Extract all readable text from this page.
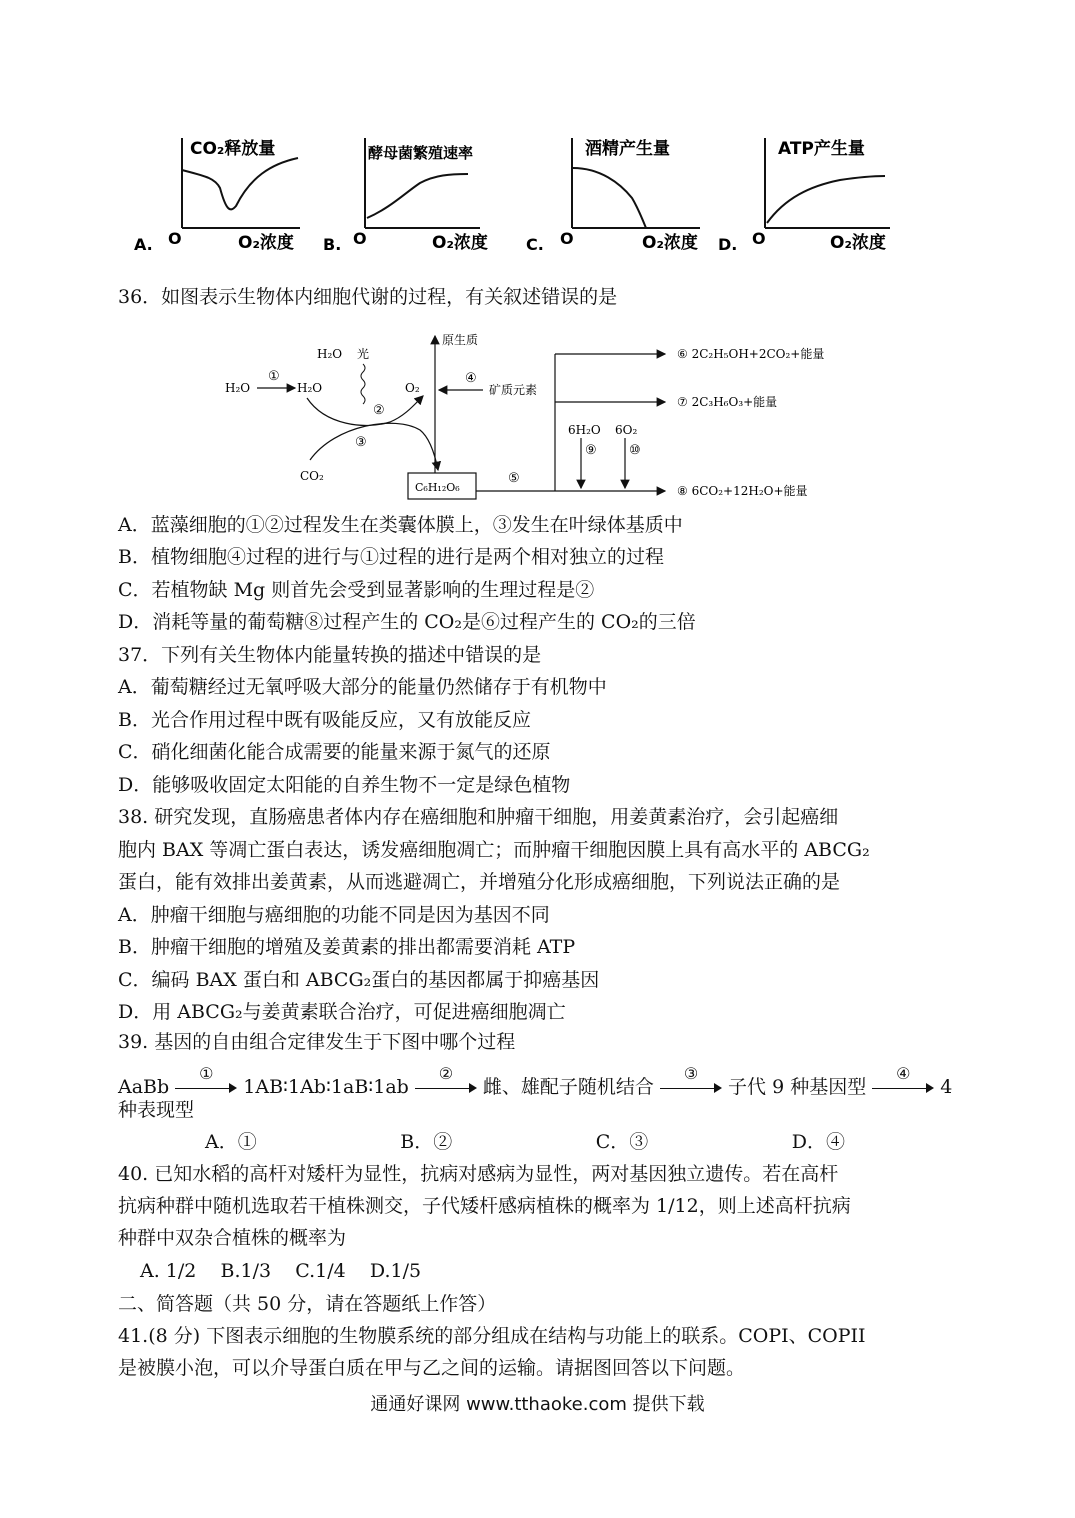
A. O
CO₂释放量
O₂浓度 B. O
酵母菌繁殖速率
O₂浓度 C. O
酒精产生量
O₂浓度 D. O
ATP产生量
O₂浓度
36．如图表示生物体内细胞代谢的过程，有关叙述错误的是
H₂O
①
H₂O
H₂O 光
O₂
②
③
CO₂
C₆H₁₂O₆
原生质
④
矿质元素
⑤
6H₂O 6O₂
⑨ ⑩
⑥ 2C₂H₅OH+2CO₂+能量
⑦ 2C₃H₆O₃+能量
⑧ 6CO₂+12H₂O+能量
A．蓝藻细胞的①②过程发生在类囊体膜上，③发生在叶绿体基质中
B．植物细胞④过程的进行与①过程的进行是两个相对独立的过程
C．若植物缺 Mg 则首先会受到显著影响的生理过程是②
D．消耗等量的葡萄糖⑧过程产生的 CO₂是⑥过程产生的 CO₂的三倍
37．下列有关生物体内能量转换的描述中错误的是
A．葡萄糖经过无氧呼吸大部分的能量仍然储存于有机物中
B．光合作用过程中既有吸能反应，又有放能反应
C．硝化细菌化能合成需要的能量来源于氮气的还原
D．能够吸收固定太阳能的自养生物不一定是绿色植物
38. 研究发现，直肠癌患者体内存在癌细胞和肿瘤干细胞，用姜黄素治疗，会引起癌细
胞内 BAX 等凋亡蛋白表达，诱发癌细胞凋亡；而肿瘤干细胞因膜上具有高水平的 ABCG₂
蛋白，能有效排出姜黄素，从而逃避凋亡，并增殖分化形成癌细胞，下列说法正确的是
A．肿瘤干细胞与癌细胞的功能不同是因为基因不同
B．肿瘤干细胞的增殖及姜黄素的排出都需要消耗 ATP
C．编码 BAX 蛋白和 ABCG₂蛋白的基因都属于抑癌基因
D．用 ABCG₂与姜黄素联合治疗，可促进癌细胞凋亡
39. 基因的自由组合定律发生于下图中哪个过程
AaBb
①
1AB∶1Ab∶1aB∶1ab
②
雌、雄配子随机结合
③
子代 9 种基因型
④
4
种表现型
A．①	B．②	C．③	D．④
40. 已知水稻的高杆对矮杆为显性，抗病对感病为显性，两对基因独立遗传。若在高杆
抗病种群中随机选取若干植株测交，子代矮杆感病植株的概率为 1/12，则上述高杆抗病
种群中双杂合植株的概率为
A. 1/2    B.1/3    C.1/4    D.1/5
二、简答题（共 50 分，请在答题纸上作答）
41.(8 分) 下图表示细胞的生物膜系统的部分组成在结构与功能上的联系。COPI、COPII
是被膜小泡，可以介导蛋白质在甲与乙之间的运输。请据图回答以下问题。
通通好课网 www.tthaoke.com 提供下载
